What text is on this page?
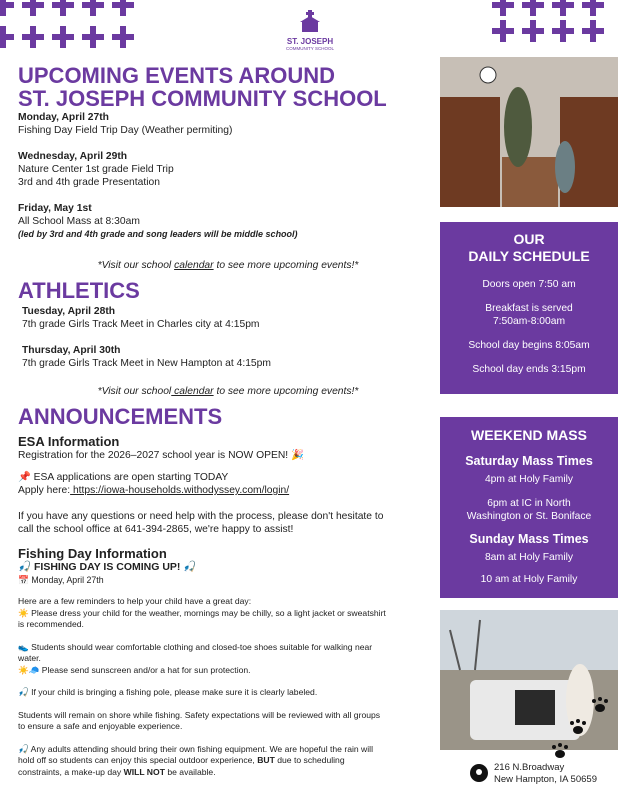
ST. JOSEPH
COMMUNITY SCHOOL
UPCOMING EVENTS AROUND
ST. JOSEPH COMMUNITY SCHOOL
Monday, April 27th
Fishing Day Field Trip Day (Weather permiting)
Wednesday, April 29th
Nature Center 1st grade Field Trip
3rd and 4th grade Presentation
Friday, May 1st
All School Mass at 8:30am
(led by 3rd and 4th grade and song leaders will be middle school)
*Visit our school calendar to see more upcoming events!*
ATHLETICS
Tuesday, April 28th
7th grade Girls Track Meet in Charles city at 4:15pm
Thursday, April 30th
7th grade Girls Track Meet in New Hampton at 4:15pm
*Visit our school calendar to see more upcoming events!*
ANNOUNCEMENTS
ESA Information
Registration for the 2026–2027 school year is NOW OPEN! 🎉
📌 ESA applications are open starting TODAY
Apply here: https://iowa-households.withodyssey.com/login/
If you have any questions or need help with the process, please don't hesitate to
call the school office at 641-394-2865, we're happy to assist!
Fishing Day Information
🎣 FISHING DAY IS COMING UP! 🎣
📅 Monday, April 27th
Here are a few reminders to help your child have a great day:
☀️ Please dress your child for the weather, mornings may be chilly, so a light jacket or sweatshirt
is recommended.
👟 Students should wear comfortable clothing and closed-toe shoes suitable for walking near
water.
☀️🧢 Please send sunscreen and/or a hat for sun protection.
🎣 If your child is bringing a fishing pole, please make sure it is clearly labeled.
Students will remain on shore while fishing. Safety expectations will be reviewed with all groups
to ensure a safe and enjoyable experience.
🎣 Any adults attending should bring their own fishing equipment. We are hopeful the rain will
hold off so students can enjoy this special outdoor experience, BUT due to scheduling
constraints, a make-up day WILL NOT be available.
OUR
DAILY SCHEDULE
Doors open 7:50 am
Breakfast is served
7:50am-8:00am
School day begins 8:05am
School day ends 3:15pm
WEEKEND MASS
Saturday Mass Times
4pm at Holy Family
6pm at IC in North
Washington or St. Boniface
Sunday Mass Times
8am at Holy Family
10 am at Holy Family
216 N.Broadway
New Hampton, IA 50659
